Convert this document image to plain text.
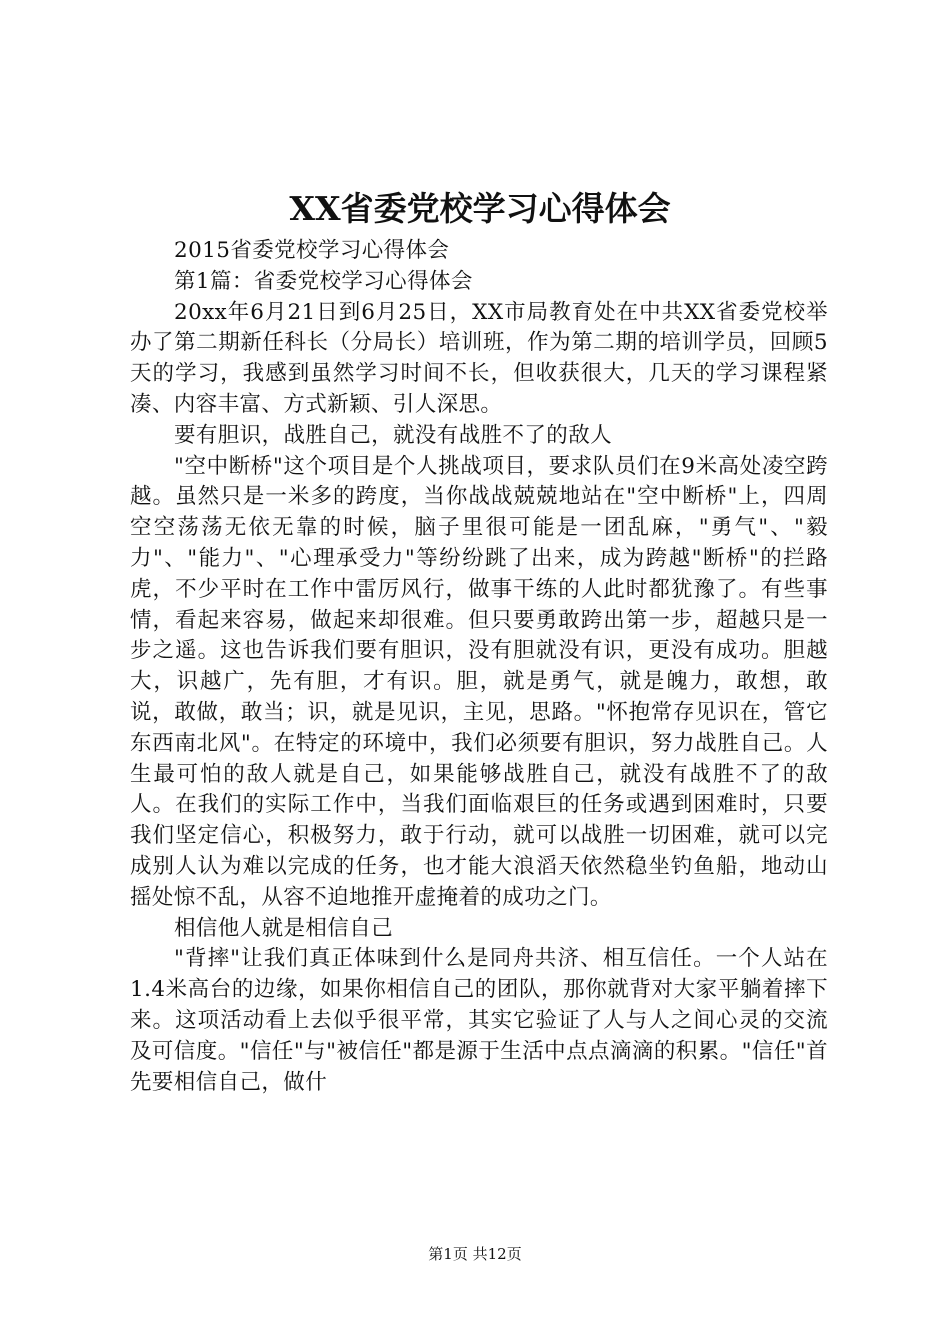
XX省委党校学习心得体会

2015省委党校学习心得体会

第1篇：省委党校学习心得体会

20xx年6月21日到6月25日，XX市局教育处在中共XX省委党校举办了第二期新任科长（分局长）培训班，作为第二期的培训学员，回顾5天的学习，我感到虽然学习时间不长，但收获很大，几天的学习课程紧凑、内容丰富、方式新颖、引人深思。

要有胆识，战胜自己，就没有战胜不了的敌人

"空中断桥"这个项目是个人挑战项目，要求队员们在9米高处凌空跨越。虽然只是一米多的跨度，当你战战兢兢地站在"空中断桥"上，四周空空荡荡无依无靠的时候，脑子里很可能是一团乱麻，"勇气"、"毅力"、"能力"、"心理承受力"等纷纷跳了出来，成为跨越"断桥"的拦路虎，不少平时在工作中雷厉风行，做事干练的人此时都犹豫了。有些事情，看起来容易，做起来却很难。但只要勇敢跨出第一步，超越只是一步之遥。这也告诉我们要有胆识，没有胆就没有识，更没有成功。胆越大，识越广，先有胆，才有识。胆，就是勇气，就是魄力，敢想，敢说，敢做，敢当；识，就是见识，主见，思路。"怀抱常存见识在，管它东西南北风"。在特定的环境中，我们必须要有胆识，努力战胜自己。人生最可怕的敌人就是自己，如果能够战胜自己，就没有战胜不了的敌人。在我们的实际工作中，当我们面临艰巨的任务或遇到困难时，只要我们坚定信心，积极努力，敢于行动，就可以战胜一切困难，就可以完成别人认为难以完成的任务，也才能大浪滔天依然稳坐钓鱼船，地动山摇处惊不乱，从容不迫地推开虚掩着的成功之门。

相信他人就是相信自己

"背摔"让我们真正体味到什么是同舟共济、相互信任。一个人站在1.4米高台的边缘，如果你相信自己的团队，那你就背对大家平躺着摔下来。这项活动看上去似乎很平常，其实它验证了人与人之间心灵的交流及可信度。"信任"与"被信任"都是源于生活中点点滴滴的积累。"信任"首先要相信自己，做什

第1页 共12页
